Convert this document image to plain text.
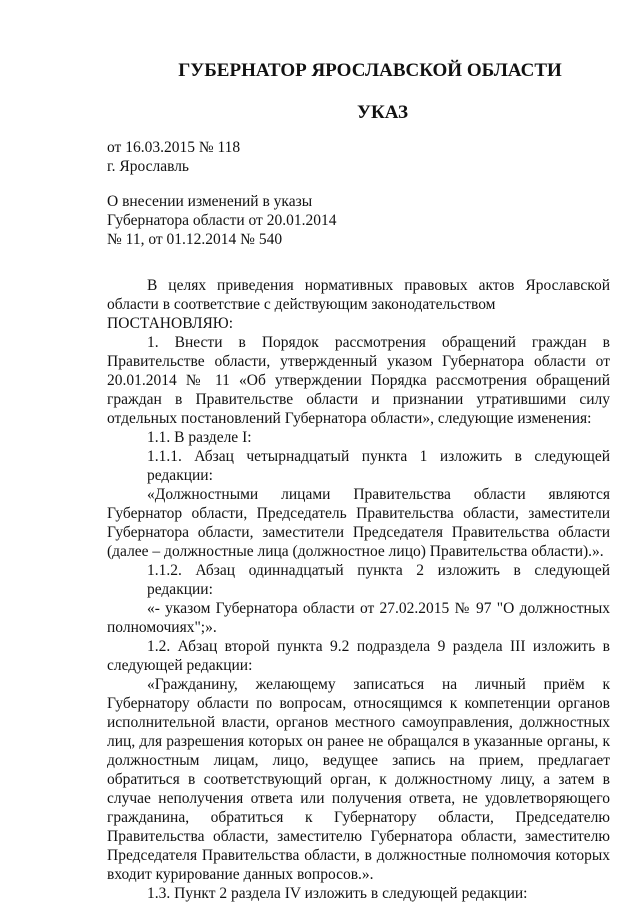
ГУБЕРНАТОР ЯРОСЛАВСКОЙ ОБЛАСТИ
УКАЗ
от 16.03.2015 № 118
г. Ярославль
О внесении изменений в указы
Губернатора области от 20.01.2014
№ 11, от 01.12.2014 № 540

В целях приведения нормативных правовых актов Ярославской области в соответствие с действующим законодательством

ПОСТАНОВЛЯЮ:

1. Внести в Порядок рассмотрения обращений граждан в Правительстве области, утвержденный указом Губернатора области от 20.01.2014 № 11 «Об утверждении Порядка рассмотрения обращений граждан в Правительстве области и признании утратившими силу отдельных постановлений Губернатора области», следующие изменения:

1.1. В разделе I:

1.1.1. Абзац четырнадцатый пункта 1 изложить в следующей редакции:

«Должностными лицами Правительства области являются Губернатор области, Председатель Правительства области, заместители Губернатора области, заместители Председателя Правительства области (далее – должностные лица (должностное лицо) Правительства области).».

1.1.2. Абзац одиннадцатый пункта 2 изложить в следующей редакции:

«- указом Губернатора области от 27.02.2015 № 97 "О должностных полномочиях";».

1.2. Абзац второй пункта 9.2 подраздела 9 раздела III изложить в следующей редакции:

«Гражданину, желающему записаться на личный приём к Губернатору области по вопросам, относящимся к компетенции органов исполнительной власти, органов местного самоуправления, должностных лиц, для разрешения которых он ранее не обращался в указанные органы, к должностным лицам, лицо, ведущее запись на прием, предлагает обратиться в соответствующий орган, к должностному лицу, а затем в случае неполучения ответа или получения ответа, не удовлетворяющего гражданина, обратиться к Губернатору области, Председателю Правительства области, заместителю Губернатора области, заместителю Председателя Правительства области, в должностные полномочия которых входит курирование данных вопросов.».

1.3. Пункт 2 раздела IV изложить в следующей редакции:
